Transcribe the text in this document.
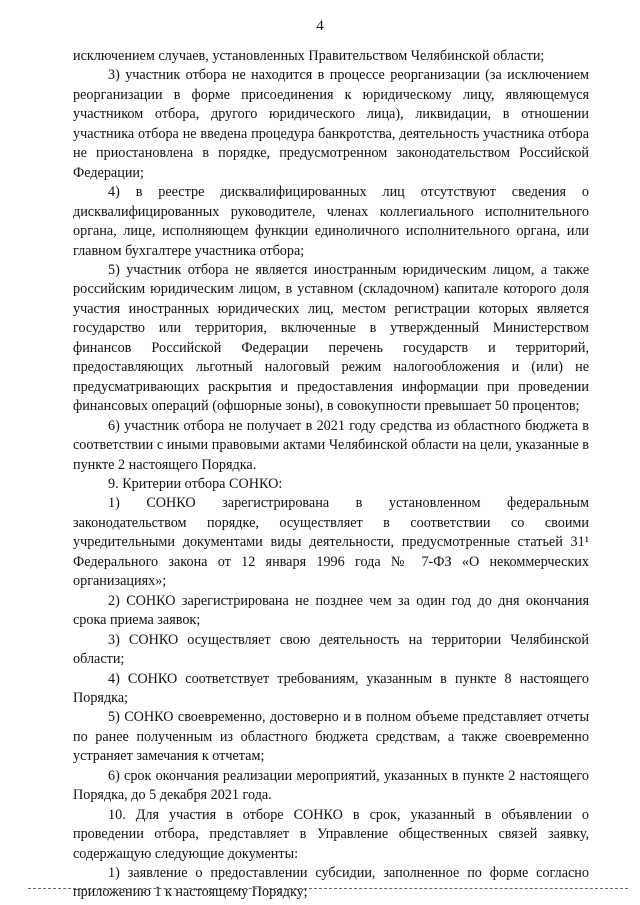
4

исключением случаев, установленных Правительством Челябинской области;

3) участник отбора не находится в процессе реорганизации (за исключением реорганизации в форме присоединения к юридическому лицу, являющемуся участником отбора, другого юридического лица), ликвидации, в отношении участника отбора не введена процедура банкротства, деятельность участника отбора не приостановлена в порядке, предусмотренном законодательством Российской Федерации;

4) в реестре дисквалифицированных лиц отсутствуют сведения о дисквалифицированных руководителе, членах коллегиального исполнительного органа, лице, исполняющем функции единоличного исполнительного органа, или главном бухгалтере участника отбора;

5) участник отбора не является иностранным юридическим лицом, а также российским юридическим лицом, в уставном (складочном) капитале которого доля участия иностранных юридических лиц, местом регистрации которых является государство или территория, включенные в утвержденный Министерством финансов Российской Федерации перечень государств и территорий, предоставляющих льготный налоговый режим налогообложения и (или) не предусматривающих раскрытия и предоставления информации при проведении финансовых операций (офшорные зоны), в совокупности превышает 50 процентов;

6) участник отбора не получает в 2021 году средства из областного бюджета в соответствии с иными правовыми актами Челябинской области на цели, указанные в пункте 2 настоящего Порядка.

9. Критерии отбора СОНКО:

1) СОНКО зарегистрирована в установленном федеральным законодательством порядке, осуществляет в соответствии со своими учредительными документами виды деятельности, предусмотренные статьей 31¹ Федерального закона от 12 января 1996 года № 7-ФЗ «О некоммерческих организациях»;

2) СОНКО зарегистрирована не позднее чем за один год до дня окончания срока приема заявок;

3) СОНКО осуществляет свою деятельность на территории Челябинской области;

4) СОНКО соответствует требованиям, указанным в пункте 8 настоящего Порядка;

5) СОНКО своевременно, достоверно и в полном объеме представляет отчеты по ранее полученным из областного бюджета средствам, а также своевременно устраняет замечания к отчетам;

6) срок окончания реализации мероприятий, указанных в пункте 2 настоящего Порядка, до 5 декабря 2021 года.

10. Для участия в отборе СОНКО в срок, указанный в объявлении о проведении отбора, представляет в Управление общественных связей заявку, содержащую следующие документы:

1) заявление о предоставлении субсидии, заполненное по форме согласно приложению 1 к настоящему Порядку;
